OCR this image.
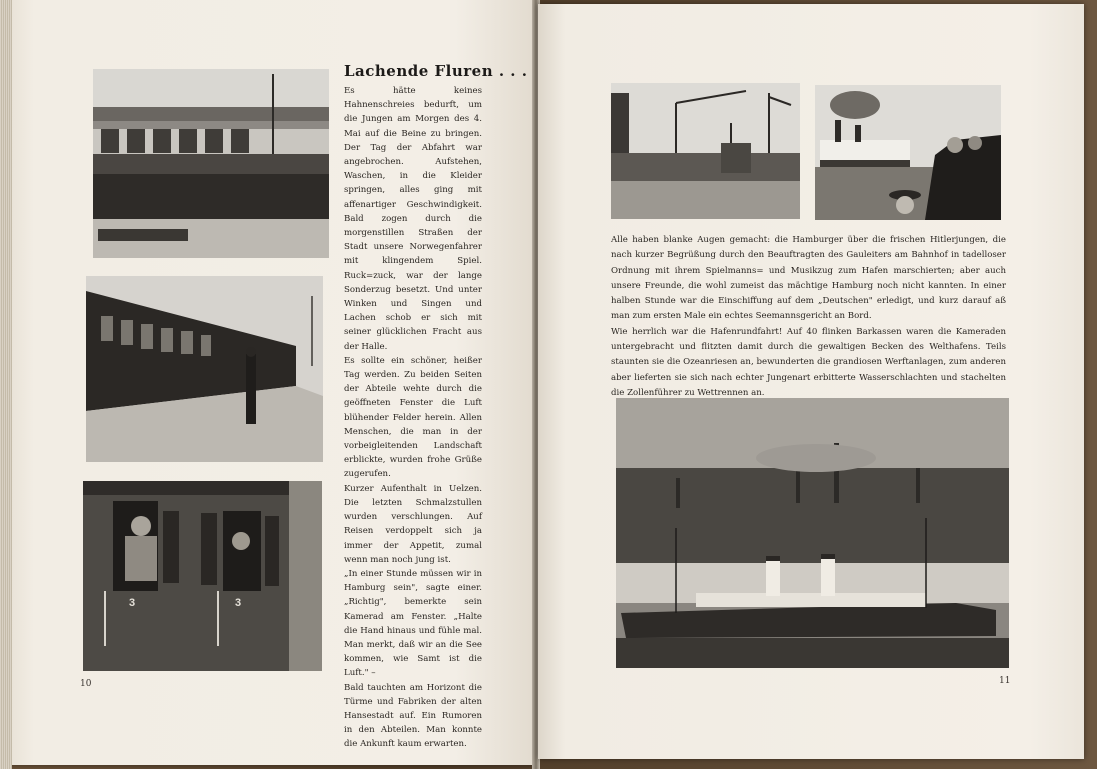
3	3
Lachende Fluren . . .

Es hätte keines Hahnenschreies bedurft, um die Jungen am Morgen des 4. Mai auf die Beine zu bringen. Der Tag der Abfahrt war angebrochen. Aufstehen, Waschen, in die Kleider springen, alles ging mit affenartiger Geschwindigkeit. Bald zogen durch die morgenstillen Straßen der Stadt unsere Norwegenfahrer mit klingendem Spiel. Ruck=zuck, war der lange Sonderzug besetzt. Und unter Winken und Singen und Lachen schob er sich mit seiner glücklichen Fracht aus der Halle.

Es sollte ein schöner, heißer Tag werden. Zu beiden Seiten der Abteile wehte durch die geöffneten Fenster die Luft blühender Felder herein. Allen Menschen, die man in der vorbeigleitenden Landschaft erblickte, wurden frohe Grüße zugerufen.

Kurzer Aufenthalt in Uelzen. Die letzten Schmalzstullen wurden verschlungen. Auf Reisen verdoppelt sich ja immer der Appetit, zumal wenn man noch jung ist.

„In einer Stunde müssen wir in Hamburg sein", sagte einer. „Richtig", bemerkte sein Kamerad am Fenster. „Halte die Hand hinaus und fühle mal. Man merkt, daß wir an die See kommen, wie Samt ist die Luft." –

Bald tauchten am Horizont die Türme und Fabriken der alten Hansestadt auf. Ein Rumoren in den Abteilen. Man konnte die Ankunft kaum erwarten.

10

Alle haben blanke Augen gemacht: die Hamburger über die frischen Hitlerjungen, die nach kurzer Begrüßung durch den Beauftragten des Gauleiters am Bahnhof in tadelloser Ordnung mit ihrem Spielmanns= und Musikzug zum Hafen marschierten; aber auch unsere Freunde, die wohl zumeist das mächtige Hamburg noch nicht kannten. In einer halben Stunde war die Einschiffung auf dem „Deutschen" erledigt, und kurz darauf aß man zum ersten Male ein echtes Seemannsgericht an Bord.

Wie herrlich war die Hafenrundfahrt! Auf 40 flinken Barkassen waren die Kameraden untergebracht und flitzten damit durch die gewaltigen Becken des Welthafens. Teils staunten sie die Ozeanriesen an, bewunderten die grandiosen Werftanlagen, zum anderen aber lieferten sie sich nach echter Jungenart erbitterte Wasserschlachten und stachelten die Zollenführer zu Wettrennen an.

11
